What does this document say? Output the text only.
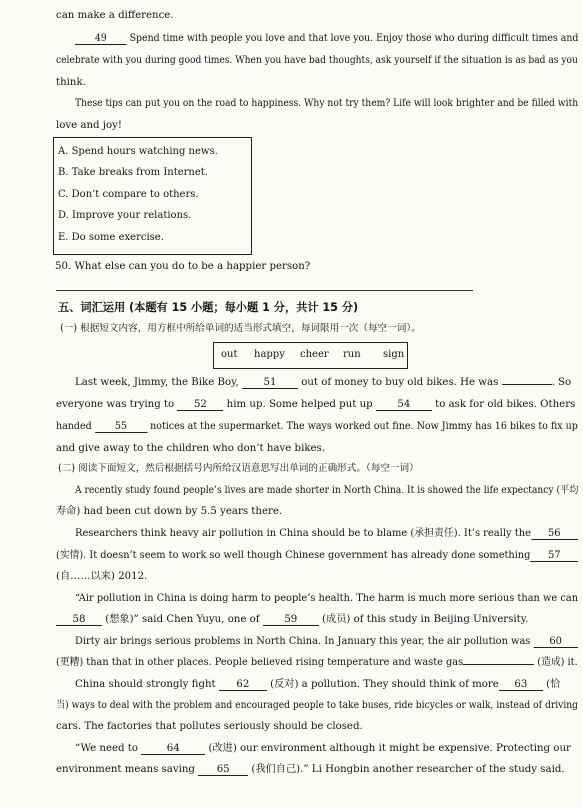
can make a difference.
49 Spend time with people you love and that love you. Enjoy those who during difficult times and
celebrate with you during good times. When you have bad thoughts, ask yourself if the situation is as bad as you
think.
These tips can put you on the road to happiness. Why not try them? Life will look brighter and be filled with
love and joy!
A. Spend hours watching news.
B. Take breaks from Internet.
C. Don’t compare to others.
D. Improve your relations.
E. Do some exercise.
50. What else can you do to be a happier person?
五、词汇运用 (本题有 15 小题；每小题 1 分，共计 15 分)
(一) 根据短文内容，用方框中所给单词的适当形式填空，每词限用一次（每空一词）。
out happy cheer run sign
Last week, Jimmy, the Bike Boy, 51 out of money to buy old bikes. He was	. So
everyone was trying to 52 him up. Some helped put up 54 to ask for old bikes. Others
handed 55 notices at the supermarket. The ways worked out fine. Now Jimmy has 16 bikes to fix up
and give away to the children who don’t have bikes.
(二) 阅读下面短文，然后根据括号内所给汉语意思写出单词的正确形式。（每空一词）
A recently study found people’s lives are made shorter in North China. It is showed the life expectancy (平均
寿命) had been cut down by 5.5 years there.
Researchers think heavy air pollution in China should be to blame (承担责任). It’s really the 56
(实情). It doesn’t seem to work so well though Chinese government has already done something 57
(自……以来) 2012.
“Air pollution in China is doing harm to people’s health. The harm is much more serious than we can
58 (想象)” said Chen Yuyu, one of 59 (成员) of this study in Beijing University.
Dirty air brings serious problems in North China. In January this year, the air pollution was 60
(更糟) than that in other places. People believed rising temperature and waste gas	(造成) it.
China should strongly fight 62 (反对) a pollution. They should think of more 63 (恰
当) ways to deal with the problem and encouraged people to take buses, ride bicycles or walk, instead of driving
cars. The factories that pollutes seriously should be closed.
“We need to	64	(改进) our environment although it might be expensive. Protecting our
environment means saving 65 (我们自己).” Li Hongbin another researcher of the study said.
